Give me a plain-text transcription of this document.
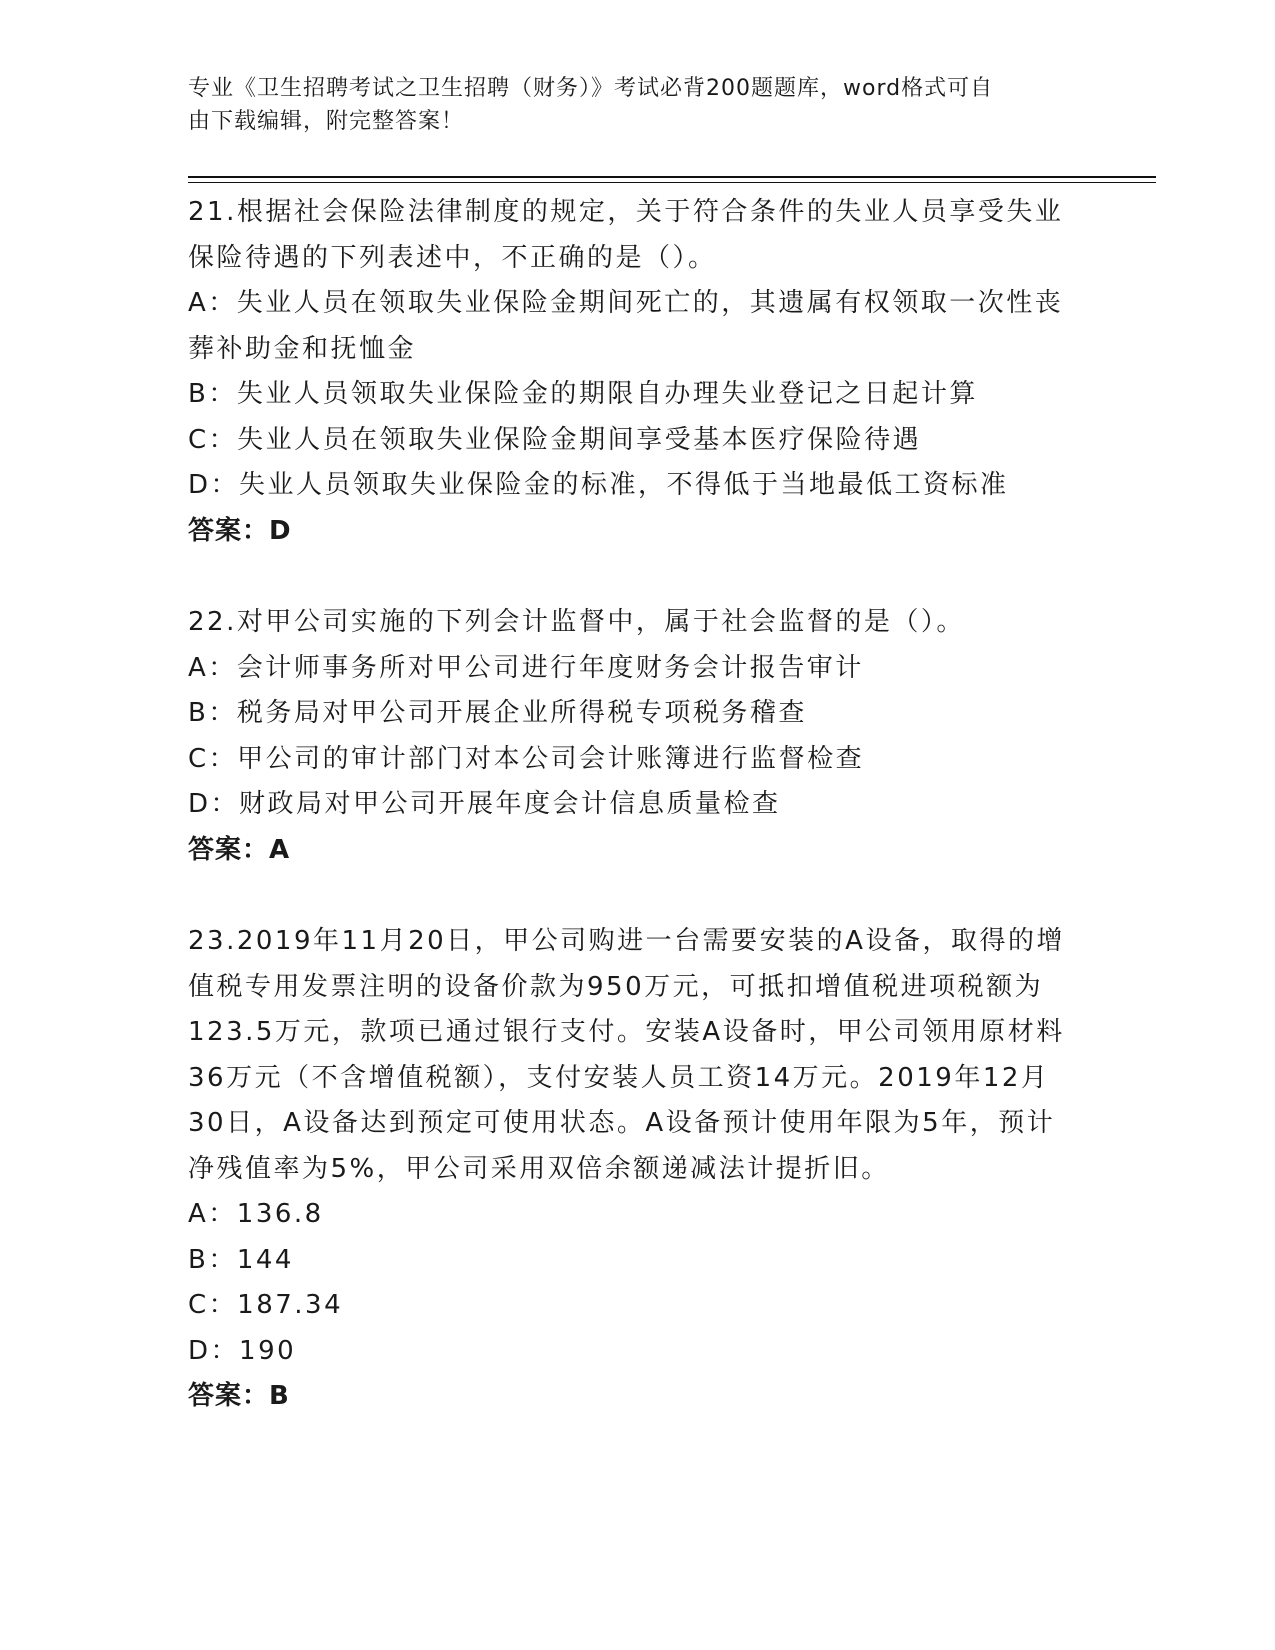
专业《卫生招聘考试之卫生招聘（财务）》考试必背200题题库，word格式可自
由下载编辑，附完整答案！
21.根据社会保险法律制度的规定，关于符合条件的失业人员享受失业
保险待遇的下列表述中，不正确的是（）。
A：失业人员在领取失业保险金期间死亡的，其遗属有权领取一次性丧
葬补助金和抚恤金
B：失业人员领取失业保险金的期限自办理失业登记之日起计算
C：失业人员在领取失业保险金期间享受基本医疗保险待遇
D：失业人员领取失业保险金的标准，不得低于当地最低工资标准
答案：D
22.对甲公司实施的下列会计监督中，属于社会监督的是（）。
A：会计师事务所对甲公司进行年度财务会计报告审计
B：税务局对甲公司开展企业所得税专项税务稽查
C：甲公司的审计部门对本公司会计账簿进行监督检查
D：财政局对甲公司开展年度会计信息质量检查
答案：A
23.2019年11月20日，甲公司购进一台需要安装的A设备，取得的增
值税专用发票注明的设备价款为950万元，可抵扣增值税进项税额为
123.5万元，款项已通过银行支付。安装A设备时，甲公司领用原材料
36万元（不含增值税额），支付安装人员工资14万元。2019年12月
30日，A设备达到预定可使用状态。A设备预计使用年限为5年，预计
净残值率为5%，甲公司采用双倍余额递减法计提折旧。
A：136.8
B：144
C：187.34
D：190
答案：B
